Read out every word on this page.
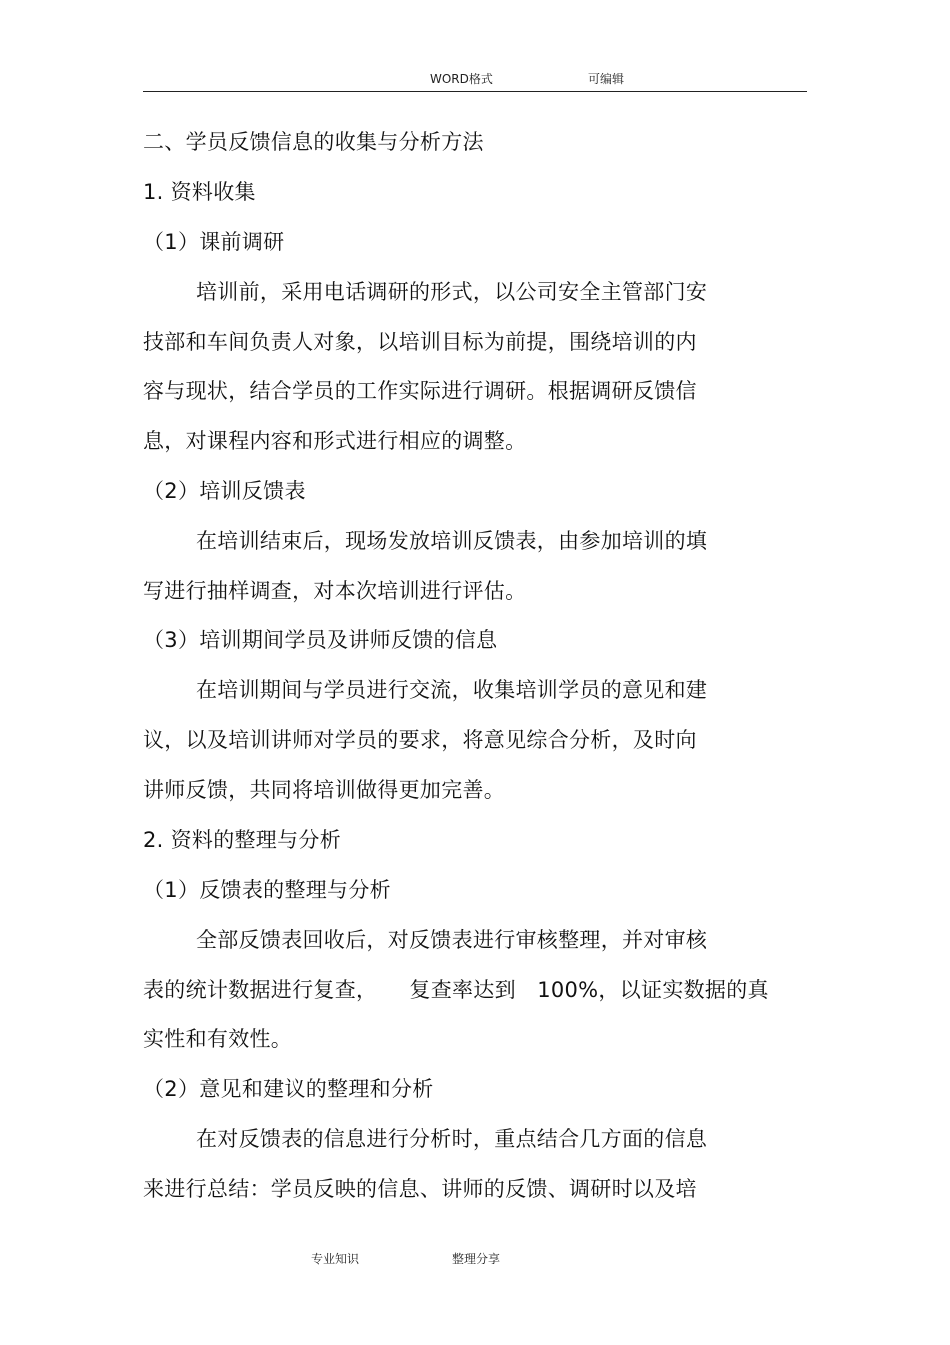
WORD格式	可编辑
二、学员反馈信息的收集与分析方法
1. 资料收集
（1）课前调研
培训前，采用电话调研的形式，以公司安全主管部门安
技部和车间负责人对象，以培训目标为前提，围绕培训的内
容与现状，结合学员的工作实际进行调研。根据调研反馈信
息，对课程内容和形式进行相应的调整。
（2）培训反馈表
在培训结束后，现场发放培训反馈表，由参加培训的填
写进行抽样调查，对本次培训进行评估。
（3）培训期间学员及讲师反馈的信息
在培训期间与学员进行交流，收集培训学员的意见和建
议，以及培训讲师对学员的要求，将意见综合分析，及时向
讲师反馈，共同将培训做得更加完善。
2. 资料的整理与分析
（1）反馈表的整理与分析
全部反馈表回收后，对反馈表进行审核整理，并对审核
表的统计数据进行复查，　　复查率达到　100%，以证实数据的真
实性和有效性。
（2）意见和建议的整理和分析
在对反馈表的信息进行分析时，重点结合几方面的信息
来进行总结：学员反映的信息、讲师的反馈、调研时以及培
专业知识	整理分享
